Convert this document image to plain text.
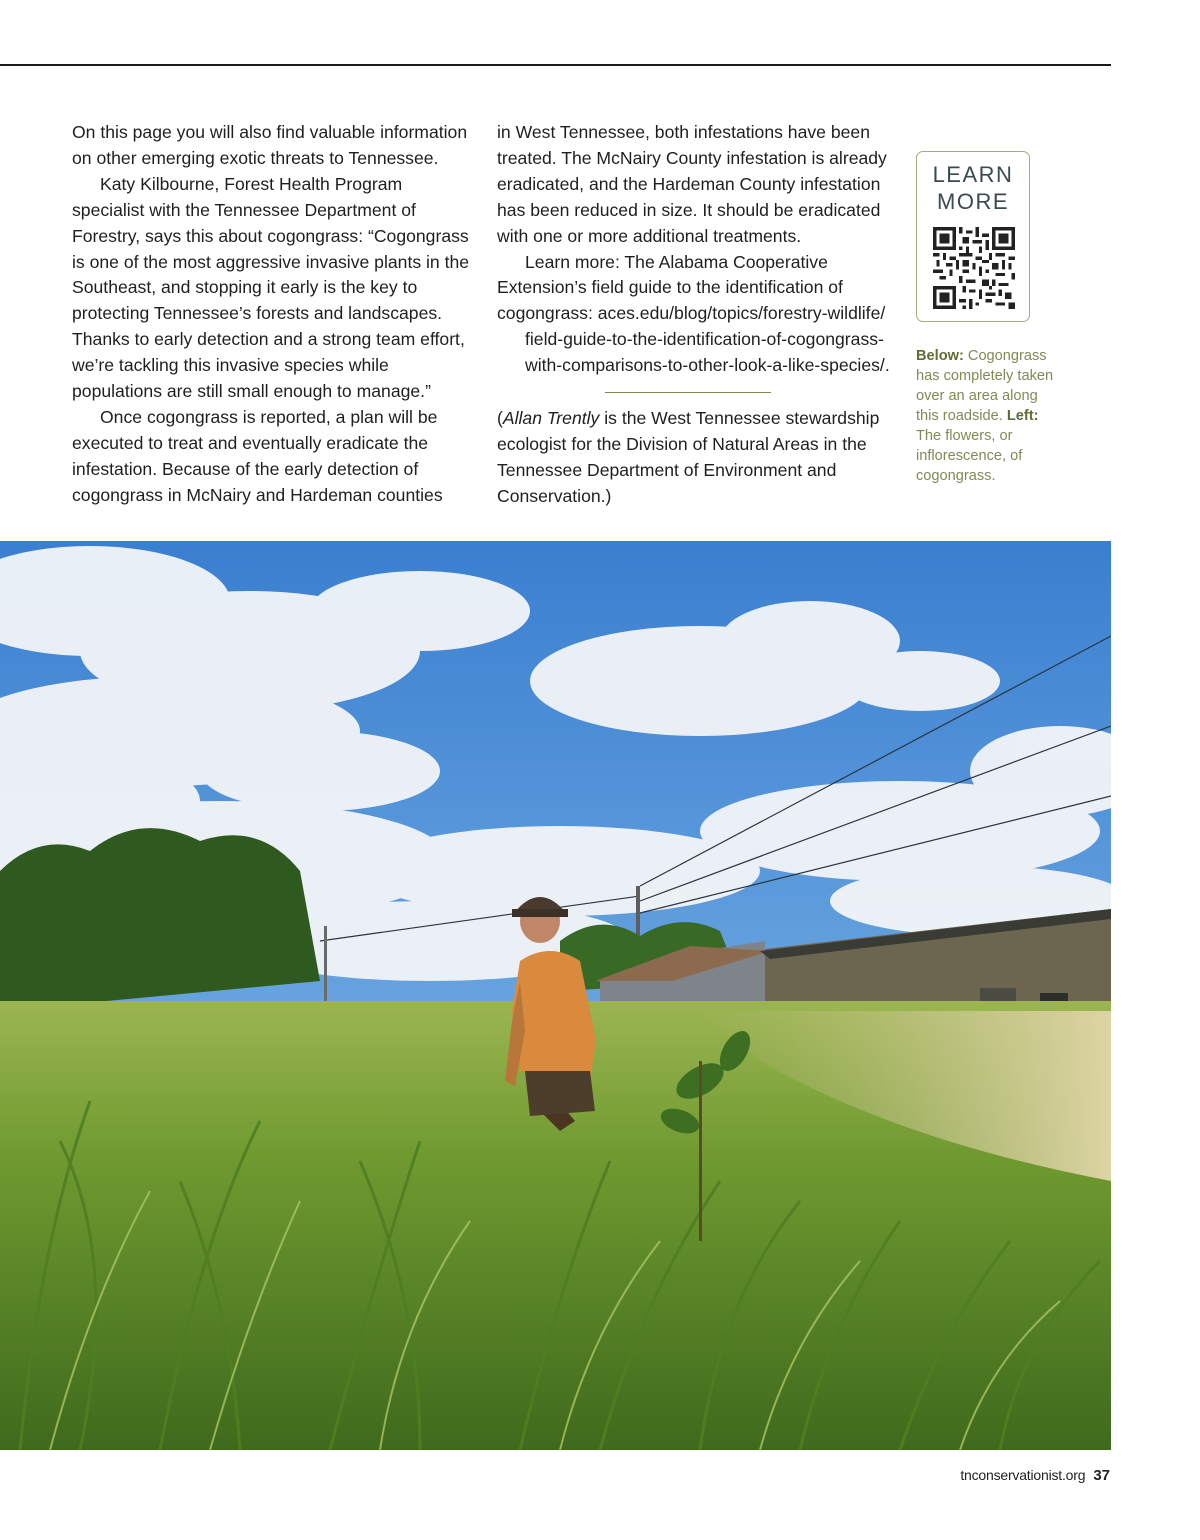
On this page you will also find valuable information on other emerging exotic threats to Tennessee.

Katy Kilbourne, Forest Health Program specialist with the Tennessee Department of Forestry, says this about cogongrass: “Cogongrass is one of the most aggressive invasive plants in the Southeast, and stopping it early is the key to protecting Tennessee’s forests and landscapes. Thanks to early detection and a strong team effort, we’re tackling this invasive species while populations are still small enough to manage.”

Once cogongrass is reported, a plan will be executed to treat and eventually eradicate the infestation. Because of the early detection of cogongrass in McNairy and Hardeman counties

in West Tennessee, both infestations have been treated. The McNairy County infestation is already eradicated, and the Hardeman County infestation has been reduced in size. It should be eradicated with one or more additional treatments.

Learn more: The Alabama Cooperative Extension’s field guide to the identification of cogongrass: aces.edu/blog/topics/forestry-wildlife/
field-guide-to-the-identification-of-cogongrass-
with-comparisons-to-other-look-a-like-species/.

(Allan Trently is the West Tennessee stewardship ecologist for the Division of Natural Areas in the Tennessee Department of Environment and Conservation.)

LEARN
MORE
Below: Cogongrass has completely taken over an area along this roadside. Left: The flowers, or inflorescence, of cogongrass.
tnconservationist.org 37
